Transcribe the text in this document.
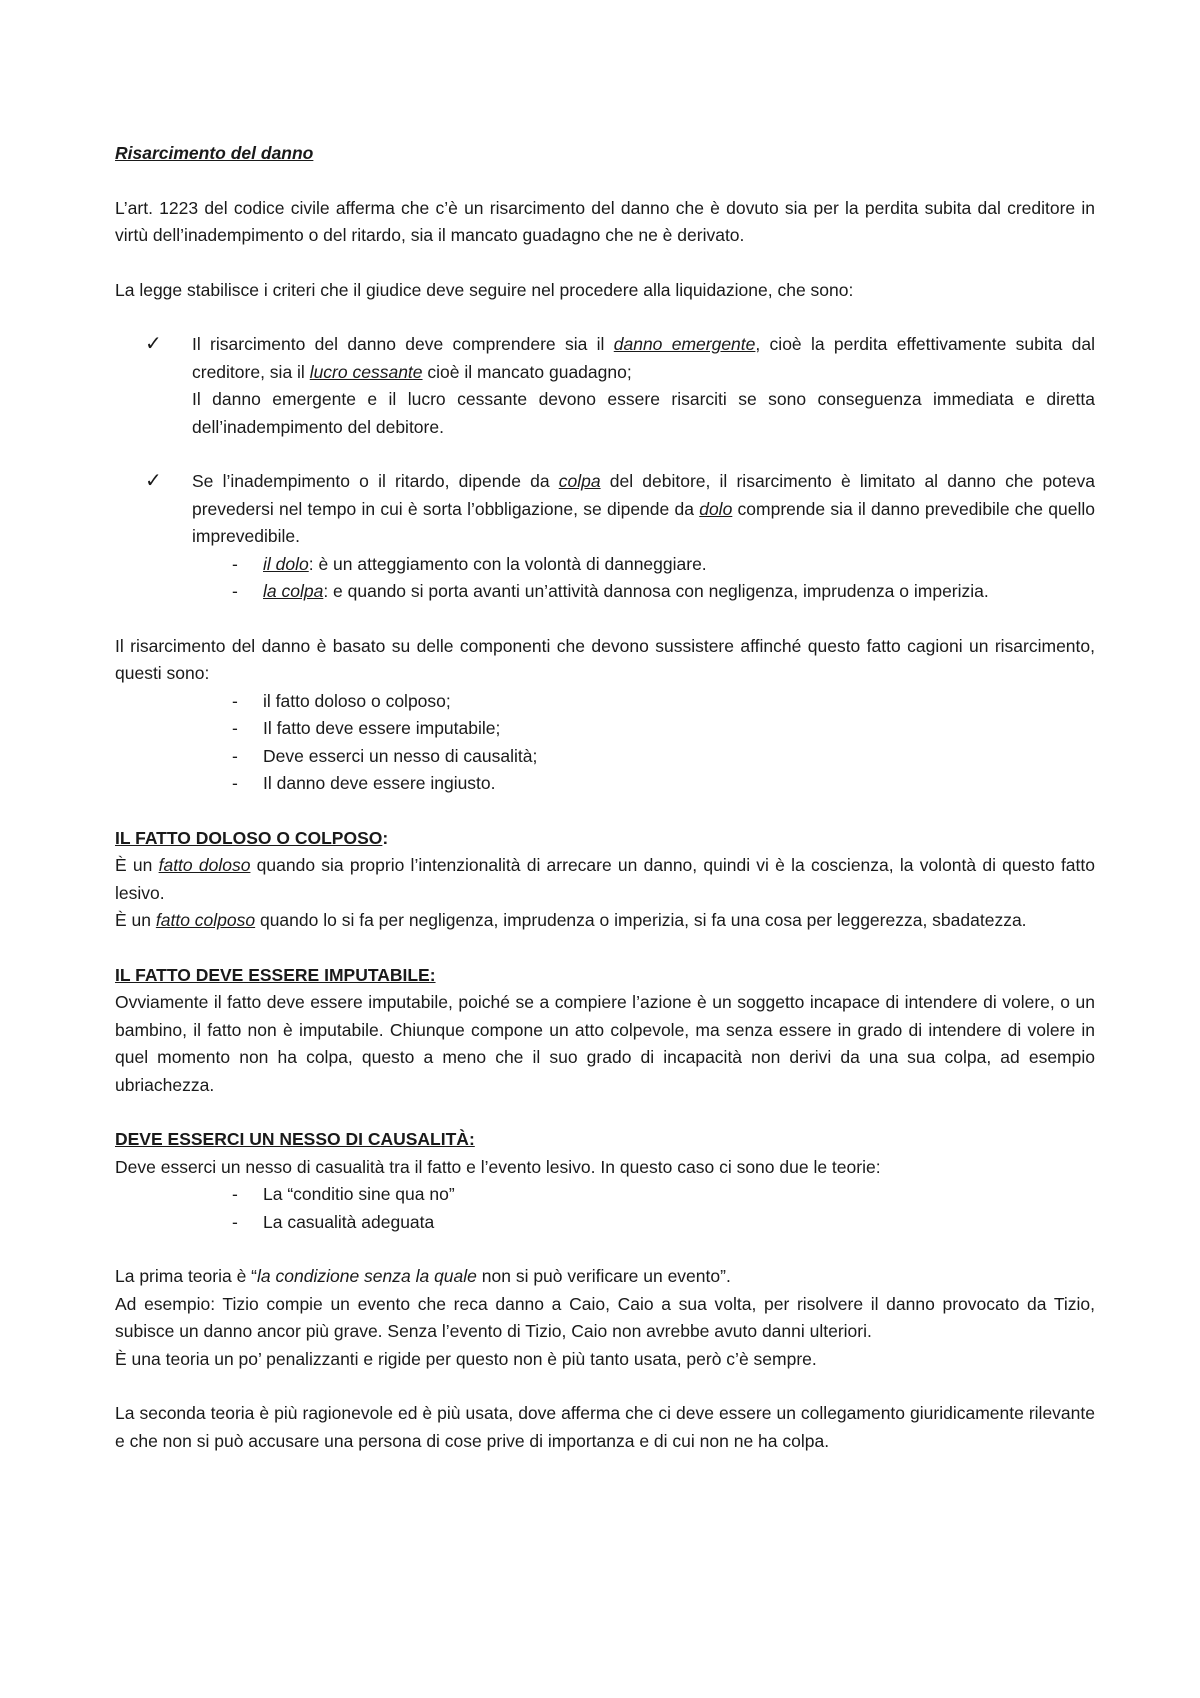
Risarcimento del danno

L’art. 1223 del codice civile afferma che c’è un risarcimento del danno che è dovuto sia per la perdita subita dal creditore in virtù dell’inadempimento o del ritardo, sia il mancato guadagno che ne è derivato.

La legge stabilisce i criteri che il giudice deve seguire nel procedere alla liquidazione, che sono:

✓ Il risarcimento del danno deve comprendere sia il danno emergente, cioè la perdita effettivamente subita dal creditore, sia il lucro cessante cioè il mancato guadagno;

Il danno emergente e il lucro cessante devono essere risarciti se sono conseguenza immediata e diretta dell’inadempimento del debitore.

✓ Se l’inadempimento o il ritardo, dipende da colpa del debitore, il risarcimento è limitato al danno che poteva prevedersi nel tempo in cui è sorta l’obbligazione, se dipende da dolo comprende sia il danno prevedibile che quello imprevedibile.

- il dolo: è un atteggiamento con la volontà di danneggiare.
- la colpa: e quando si porta avanti un’attività dannosa con negligenza, imprudenza o imperizia.

Il risarcimento del danno è basato su delle componenti che devono sussistere affinché questo fatto cagioni un risarcimento, questi sono:

- il fatto doloso o colposo;
- Il fatto deve essere imputabile;
- Deve esserci un nesso di causalità;
- Il danno deve essere ingiusto.

IL FATTO DOLOSO O COLPOSO:

È un fatto doloso quando sia proprio l’intenzionalità di arrecare un danno, quindi vi è la coscienza, la volontà di questo fatto lesivo.

È un fatto colposo quando lo si fa per negligenza, imprudenza o imperizia, si fa una cosa per leggerezza, sbadatezza.

IL FATTO DEVE ESSERE IMPUTABILE:

Ovviamente il fatto deve essere imputabile, poiché se a compiere l’azione è un soggetto incapace di intendere di volere, o un bambino, il fatto non è imputabile. Chiunque compone un atto colpevole, ma senza essere in grado di intendere di volere in quel momento non ha colpa, questo a meno che il suo grado di incapacità non derivi da una sua colpa, ad esempio ubriachezza.

DEVE ESSERCI UN NESSO DI CAUSALITÀ:

Deve esserci un nesso di casualità tra il fatto e l’evento lesivo. In questo caso ci sono due le teorie:

- La “conditio sine qua no”
- La casualità adeguata

La prima teoria è “la condizione senza la quale non si può verificare un evento”.

Ad esempio: Tizio compie un evento che reca danno a Caio, Caio a sua volta, per risolvere il danno provocato da Tizio, subisce un danno ancor più grave. Senza l’evento di Tizio, Caio non avrebbe avuto danni ulteriori.

È una teoria un po’ penalizzanti e rigide per questo non è più tanto usata, però c’è sempre.

La seconda teoria è più ragionevole ed è più usata, dove afferma che ci deve essere un collegamento giuridicamente rilevante e che non si può accusare una persona di cose prive di importanza e di cui non ne ha colpa.
